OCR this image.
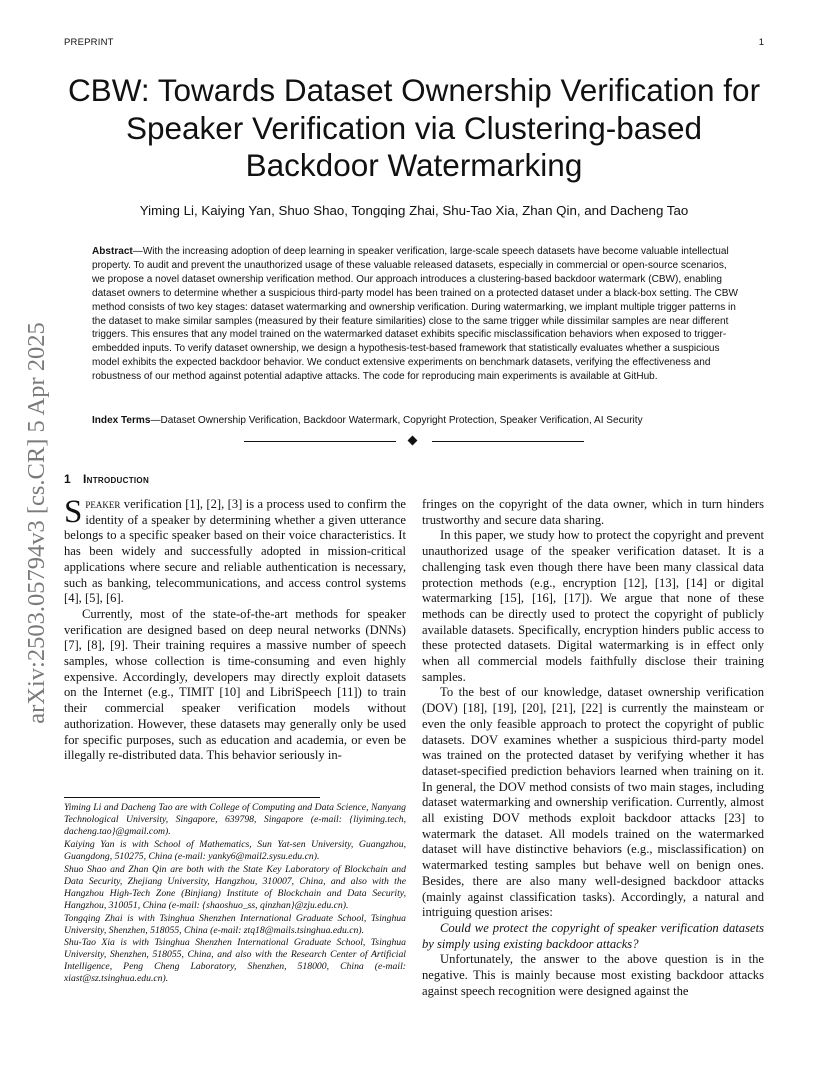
PREPRINT	1
arXiv:2503.05794v3 [cs.CR] 5 Apr 2025
CBW: Towards Dataset Ownership Verification for Speaker Verification via Clustering-based Backdoor Watermarking
Yiming Li, Kaiying Yan, Shuo Shao, Tongqing Zhai, Shu-Tao Xia, Zhan Qin, and Dacheng Tao

Abstract—With the increasing adoption of deep learning in speaker verification, large-scale speech datasets have become valuable intellectual property. To audit and prevent the unauthorized usage of these valuable released datasets, especially in commercial or open-source scenarios, we propose a novel dataset ownership verification method. Our approach introduces a clustering-based backdoor watermark (CBW), enabling dataset owners to determine whether a suspicious third-party model has been trained on a protected dataset under a black-box setting. The CBW method consists of two key stages: dataset watermarking and ownership verification. During watermarking, we implant multiple trigger patterns in the dataset to make similar samples (measured by their feature similarities) close to the same trigger while dissimilar samples are near different triggers. This ensures that any model trained on the watermarked dataset exhibits specific misclassification behaviors when exposed to trigger-embedded inputs. To verify dataset ownership, we design a hypothesis-test-based framework that statistically evaluates whether a suspicious model exhibits the expected backdoor behavior. We conduct extensive experiments on benchmark datasets, verifying the effectiveness and robustness of our method against potential adaptive attacks. The code for reproducing main experiments is available at GitHub.

Index Terms—Dataset Ownership Verification, Backdoor Watermark, Copyright Protection, Speaker Verification, AI Security

1 Introduction

Speaker verification [1], [2], [3] is a process used to confirm the identity of a speaker by determining whether a given utterance belongs to a specific speaker based on their voice characteristics. It has been widely and successfully adopted in mission-critical applications where secure and reliable authentication is necessary, such as banking, telecommunications, and access control systems [4], [5], [6].

Currently, most of the state-of-the-art methods for speaker verification are designed based on deep neural networks (DNNs) [7], [8], [9]. Their training requires a massive number of speech samples, whose collection is time-consuming and even highly expensive. Accordingly, developers may directly exploit datasets on the Internet (e.g., TIMIT [10] and LibriSpeech [11]) to train their commercial speaker verification models without authorization. However, these datasets may generally only be used for specific purposes, such as education and academia, or even be illegally re-distributed data. This behavior seriously in-

Yiming Li and Dacheng Tao are with College of Computing and Data Science, Nanyang Technological University, Singapore, 639798, Singapore (e-mail: {liyiming.tech, dacheng.tao}@gmail.com).

Kaiying Yan is with School of Mathematics, Sun Yat-sen University, Guangzhou, Guangdong, 510275, China (e-mail: yanky6@mail2.sysu.edu.cn).

Shuo Shao and Zhan Qin are both with the State Key Laboratory of Blockchain and Data Security, Zhejiang University, Hangzhou, 310007, China, and also with the Hangzhou High-Tech Zone (Binjiang) Institute of Blockchain and Data Security, Hangzhou, 310051, China (e-mail: {shaoshuo_ss, qinzhan}@zju.edu.cn).

Tongqing Zhai is with Tsinghua Shenzhen International Graduate School, Tsinghua University, Shenzhen, 518055, China (e-mail: ztq18@mails.tsinghua.edu.cn).

Shu-Tao Xia is with Tsinghua Shenzhen International Graduate School, Tsinghua University, Shenzhen, 518055, China, and also with the Research Center of Artificial Intelligence, Peng Cheng Laboratory, Shenzhen, 518000, China (e-mail: xiast@sz.tsinghua.edu.cn).

fringes on the copyright of the data owner, which in turn hinders trustworthy and secure data sharing.

In this paper, we study how to protect the copyright and prevent unauthorized usage of the speaker verification dataset. It is a challenging task even though there have been many classical data protection methods (e.g., encryption [12], [13], [14] or digital watermarking [15], [16], [17]). We argue that none of these methods can be directly used to protect the copyright of publicly available datasets. Specifically, encryption hinders public access to these protected datasets. Digital watermarking is in effect only when all commercial models faithfully disclose their training samples.

To the best of our knowledge, dataset ownership verification (DOV) [18], [19], [20], [21], [22] is currently the mainsteam or even the only feasible approach to protect the copyright of public datasets. DOV examines whether a suspicious third-party model was trained on the protected dataset by verifying whether it has dataset-specified prediction behaviors learned when training on it. In general, the DOV method consists of two main stages, including dataset watermarking and ownership verification. Currently, almost all existing DOV methods exploit backdoor attacks [23] to watermark the dataset. All models trained on the watermarked dataset will have distinctive behaviors (e.g., misclassification) on watermarked testing samples but behave well on benign ones. Besides, there are also many well-designed backdoor attacks (mainly against classification tasks). Accordingly, a natural and intriguing question arises:

Could we protect the copyright of speaker verification datasets by simply using existing backdoor attacks?

Unfortunately, the answer to the above question is in the negative. This is mainly because most existing backdoor attacks against speech recognition were designed against the
